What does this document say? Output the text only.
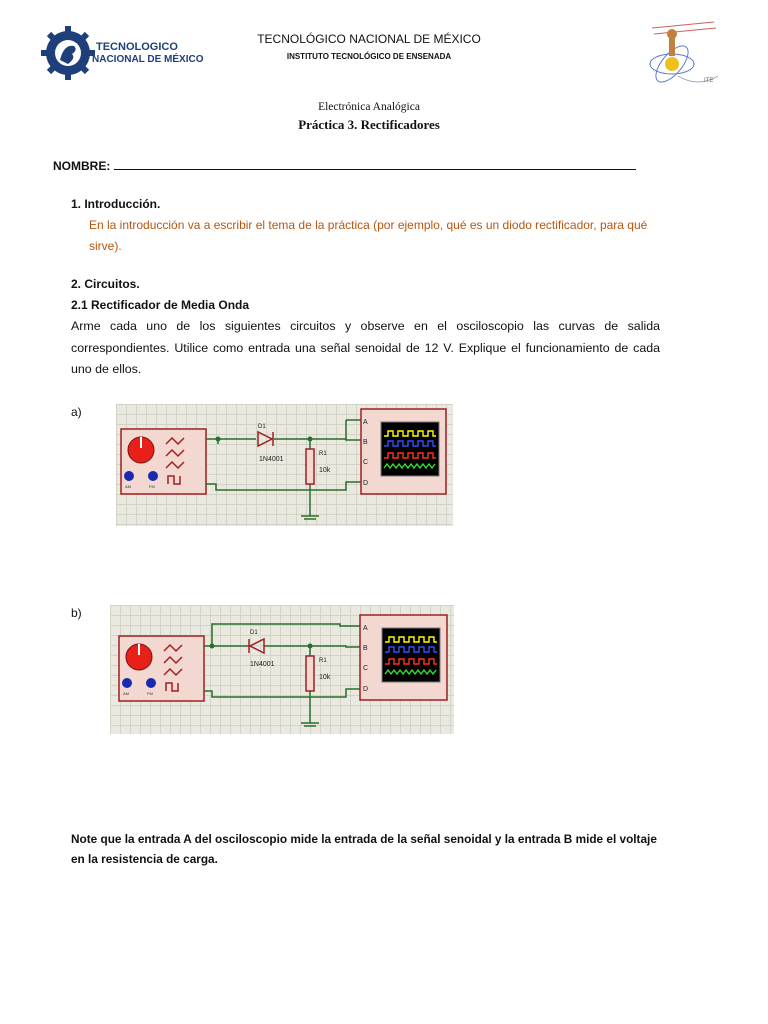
TECNOLOGICO
NACIONAL DE MÉXICO
ITE
TECNOLÓGICO NACIONAL DE MÉXICO
INSTITUTO TECNOLÓGICO DE ENSENADA
Electrónica Analógica
Práctica 3. Rectificadores
NOMBRE:
1. Introducción.
En la introducción va a escribir el tema de la práctica (por ejemplo, qué es un diodo rectificador, para qué sirve).
2. Circuitos.
2.1 Rectificador de Media Onda
Arme cada uno de los siguientes circuitos y observe en el osciloscopio las curvas de salida correspondientes. Utilice como entrada una señal senoidal de 12 V. Explique el funcionamiento de cada uno de ellos.
a)
AM	FM
D1
1N4001
R1
10k
A
B
C
D
b)
AM	FM
D1
1N4001	R1
10k
A
B
C
D
Note que la entrada A del osciloscopio mide la entrada de la señal senoidal y la entrada B mide el voltaje en la resistencia de carga.
